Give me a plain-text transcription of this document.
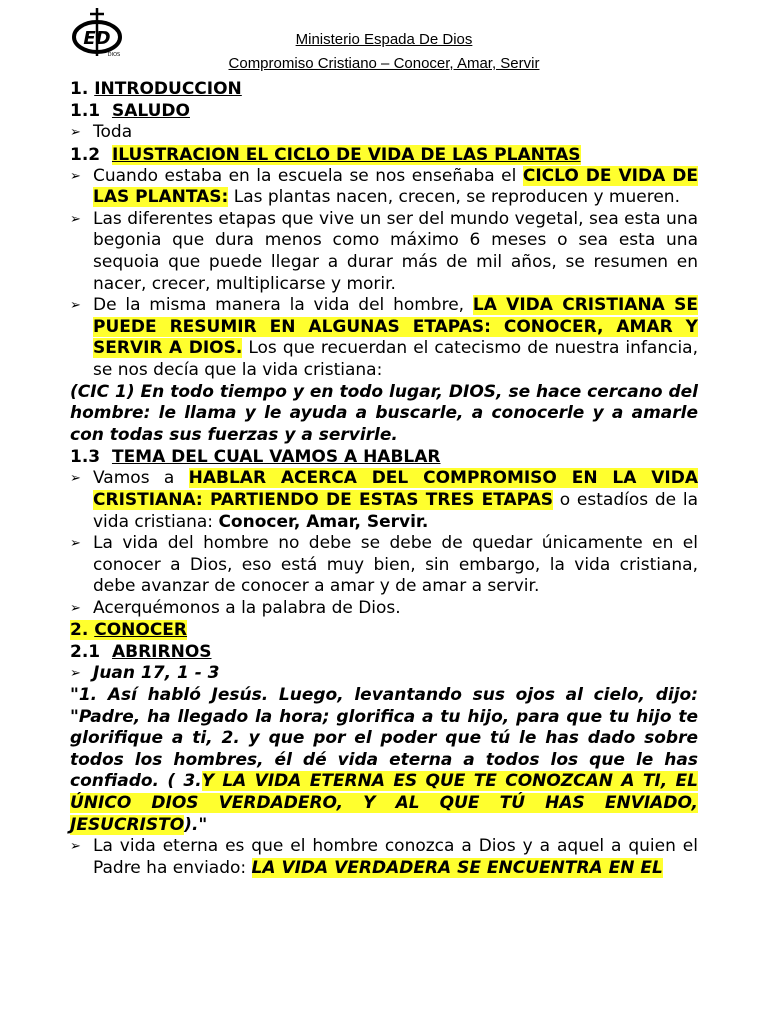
ED
DIOS
Ministerio Espada De Dios
Compromiso Cristiano – Conocer, Amar, Servir
1. INTRODUCCION
1.1 SALUDO
➢ Toda
1.2 ILUSTRACION EL CICLO DE VIDA DE LAS PLANTAS
➢ Cuando estaba en la escuela se nos enseñaba el CICLO DE VIDA DE LAS PLANTAS: Las plantas nacen, crecen, se reproducen y mueren.
➢ Las diferentes etapas que vive un ser del mundo vegetal, sea esta una begonia que dura menos como máximo 6 meses o sea esta una sequoia que puede llegar a durar más de mil años, se resumen en nacer, crecer, multiplicarse y morir.
➢ De la misma manera la vida del hombre, LA VIDA CRISTIANA SE PUEDE RESUMIR EN ALGUNAS ETAPAS: CONOCER, AMAR Y SERVIR A DIOS. Los que recuerdan el catecismo de nuestra infancia, se nos decía que la vida cristiana:
(CIC 1) En todo tiempo y en todo lugar, DIOS, se hace cercano del hombre: le llama y le ayuda a buscarle, a conocerle y a amarle con todas sus fuerzas y a servirle.
1.3 TEMA DEL CUAL VAMOS A HABLAR
➢ Vamos a HABLAR ACERCA DEL COMPROMISO EN LA VIDA CRISTIANA: PARTIENDO DE ESTAS TRES ETAPAS o estadíos de la vida cristiana: Conocer, Amar, Servir.
➢ La vida del hombre no debe se debe de quedar únicamente en el conocer a Dios, eso está muy bien, sin embargo, la vida cristiana, debe avanzar de conocer a amar y de amar a servir.
➢ Acerquémonos a la palabra de Dios.
2. CONOCER
2.1 ABRIRNOS
➢ Juan 17, 1 - 3
"1. Así habló Jesús. Luego, levantando sus ojos al cielo, dijo: "Padre, ha llegado la hora; glorifica a tu hijo, para que tu hijo te glorifique a ti, 2. y que por el poder que tú le has dado sobre todos los hombres, él dé vida eterna a todos los que le has confiado. ( 3.Y LA VIDA ETERNA ES QUE TE CONOZCAN A TI, EL ÚNICO DIOS VERDADERO, Y AL QUE TÚ HAS ENVIADO, JESUCRISTO)."
➢ La vida eterna es que el hombre conozca a Dios y a aquel a quien el Padre ha enviado: LA VIDA VERDADERA SE ENCUENTRA EN EL
